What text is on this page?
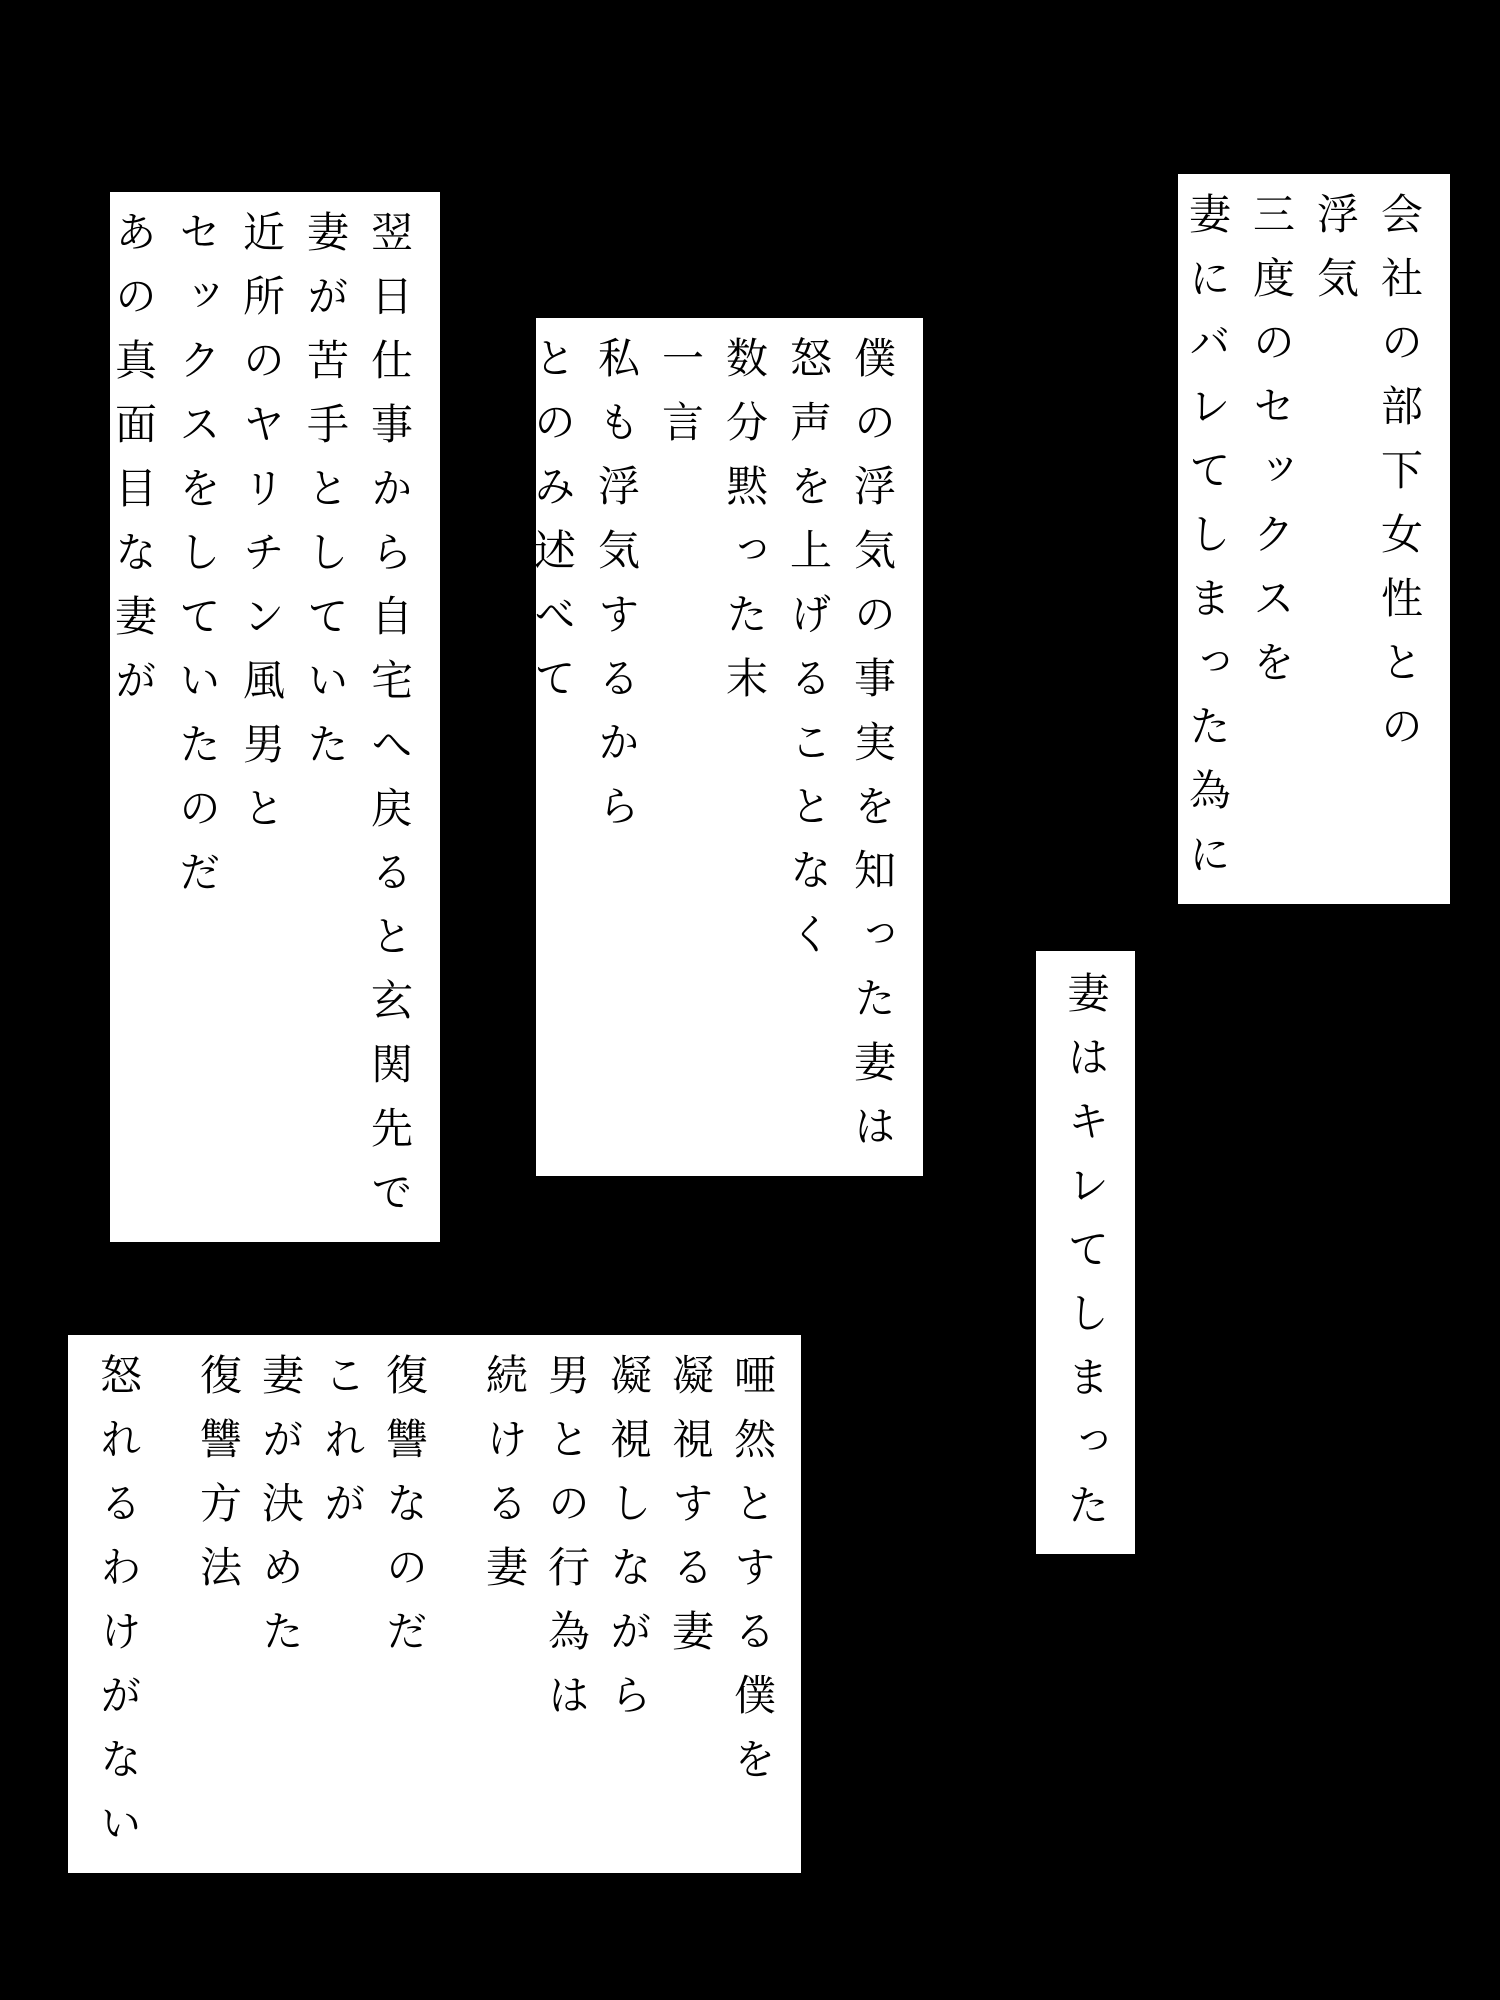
会社の部下女性との
浮気
三度のセックスを
妻にバレてしまった為に
翌日仕事から自宅へ戻ると玄関先で
妻が苦手としていた
近所のヤリチン風男と
セックスをしていたのだ
あの真面目な妻が	僕の浮気の事実を知った妻は
怒声を上げることなく
数分黙った末
一言
私も浮気するから
とのみ述べて
妻はキレてしまった
唖然とする僕を
凝視する妻
凝視しながら
男との行為は
続ける妻
復讐なのだ
これが
妻が決めた
復讐方法
怒れるわけがない
